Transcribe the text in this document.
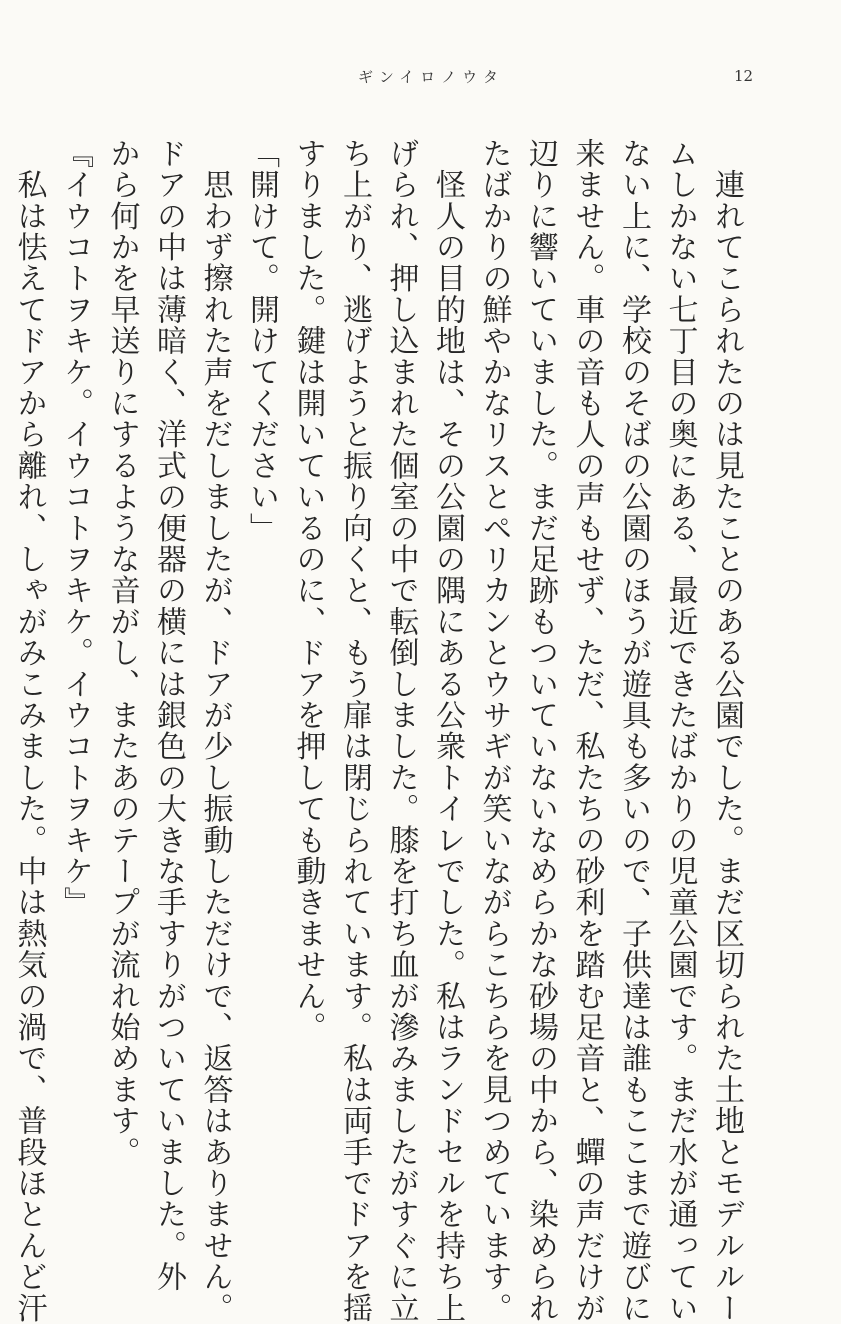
ギンイロノウタ	12
　連れてこられたのは見たことのある公園でした。まだ区切られた土地とモデルルー
ムしかない七丁目の奥にある、最近できたばかりの児童公園です。まだ水が通ってい
ない上に、学校のそばの公園のほうが遊具も多いので、子供達は誰もここまで遊びに
来ません。車の音も人の声もせず、ただ、私たちの砂利を踏む足音と、蟬の声だけが
辺りに響いていました。まだ足跡もついていないなめらかな砂場の中から、染められ
たばかりの鮮やかなリスとペリカンとウサギが笑いながらこちらを見つめています。
　怪人の目的地は、その公園の隅にある公衆トイレでした。私はランドセルを持ち上
げられ、押し込まれた個室の中で転倒しました。膝を打ち血が滲みましたがすぐに立
ち上がり、逃げようと振り向くと、もう扉は閉じられています。私は両手でドアを揺
すりました。鍵は開いているのに、ドアを押しても動きません。
「開けて。開けてください」
　思わず擦れた声をだしましたが、ドアが少し振動しただけで、返答はありません。
ドアの中は薄暗く、洋式の便器の横には銀色の大きな手すりがついていました。外
から何かを早送りにするような音がし、またあのテープが流れ始めます。
『イウコトヲキケ。イウコトヲキケ。イウコトヲキケ』
　私は怯えてドアから離れ、しゃがみこみました。中は熱気の渦で、普段ほとんど汗
